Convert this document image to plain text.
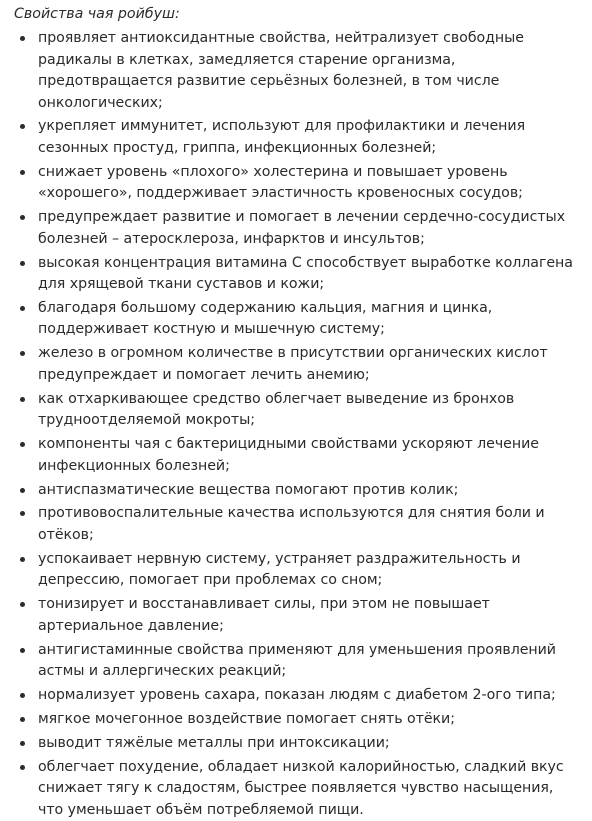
Свойства чая ройбуш:

проявляет антиоксидантные свойства, нейтрализует свободные радикалы в клетках, замедляется старение организма, предотвращается развитие серьёзных болезней, в том числе онкологических;
укрепляет иммунитет, используют для профилактики и лечения сезонных простуд, гриппа, инфекционных болезней;
снижает уровень «плохого» холестерина и повышает уровень «хорошего», поддерживает эластичность кровеносных сосудов;
предупреждает развитие и помогает в лечении сердечно-сосудистых болезней – атеросклероза, инфарктов и инсультов;
высокая концентрация витамина С способствует выработке коллагена для хрящевой ткани суставов и кожи;
благодаря большому содержанию кальция, магния и цинка, поддерживает костную и мышечную систему;
железо в огромном количестве в присутствии органических кислот предупреждает и помогает лечить анемию;
как отхаркивающее средство облегчает выведение из бронхов трудноотделяемой мокроты;
компоненты чая с бактерицидными свойствами ускоряют лечение инфекционных болезней;
антиспазматические вещества помогают против колик;
противовоспалительные качества используются для снятия боли и отёков;
успокаивает нервную систему, устраняет раздражительность и депрессию, помогает при проблемах со сном;
тонизирует и восстанавливает силы, при этом не повышает артериальное давление;
антигистаминные свойства применяют для уменьшения проявлений астмы и аллергических реакций;
нормализует уровень сахара, показан людям с диабетом 2-ого типа;
мягкое мочегонное воздействие помогает снять отёки;
выводит тяжёлые металлы при интоксикации;
облегчает похудение, обладает низкой калорийностью, сладкий вкус снижает тягу к сладостям, быстрее появляется чувство насыщения, что уменьшает объём потребляемой пищи.
